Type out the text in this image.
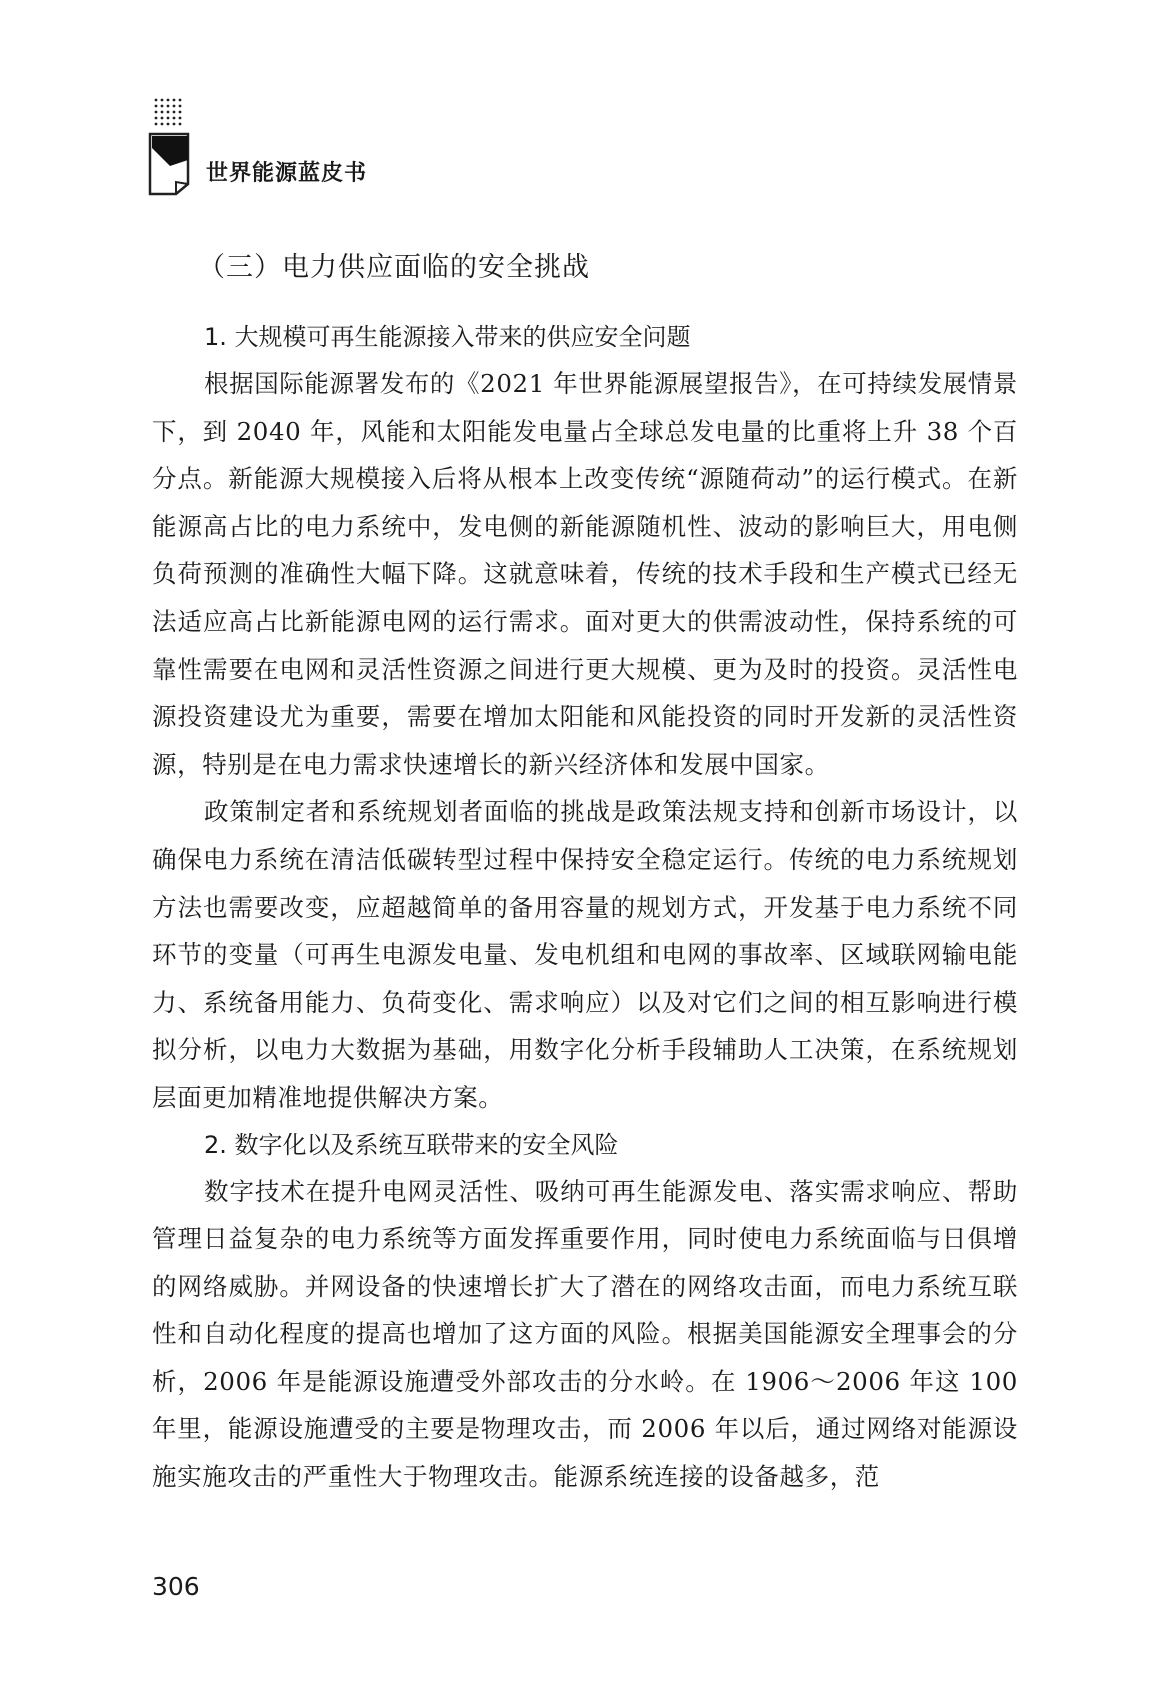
世界能源蓝皮书
（三）电力供应面临的安全挑战
1. 大规模可再生能源接入带来的供应安全问题

根据国际能源署发布的《2021 年世界能源展望报告》，在可持续发展情景下，到 2040 年，风能和太阳能发电量占全球总发电量的比重将上升 38 个百分点。新能源大规模接入后将从根本上改变传统“源随荷动”的运行模式。在新能源高占比的电力系统中，发电侧的新能源随机性、波动的影响巨大，用电侧负荷预测的准确性大幅下降。这就意味着，传统的技术手段和生产模式已经无法适应高占比新能源电网的运行需求。面对更大的供需波动性，保持系统的可靠性需要在电网和灵活性资源之间进行更大规模、更为及时的投资。灵活性电源投资建设尤为重要，需要在增加太阳能和风能投资的同时开发新的灵活性资源，特别是在电力需求快速增长的新兴经济体和发展中国家。

政策制定者和系统规划者面临的挑战是政策法规支持和创新市场设计，以确保电力系统在清洁低碳转型过程中保持安全稳定运行。传统的电力系统规划方法也需要改变，应超越简单的备用容量的规划方式，开发基于电力系统不同环节的变量（可再生电源发电量、发电机组和电网的事故率、区域联网输电能力、系统备用能力、负荷变化、需求响应）以及对它们之间的相互影响进行模拟分析，以电力大数据为基础，用数字化分析手段辅助人工决策，在系统规划层面更加精准地提供解决方案。

2. 数字化以及系统互联带来的安全风险

数字技术在提升电网灵活性、吸纳可再生能源发电、落实需求响应、帮助管理日益复杂的电力系统等方面发挥重要作用，同时使电力系统面临与日俱增的网络威胁。并网设备的快速增长扩大了潜在的网络攻击面，而电力系统互联性和自动化程度的提高也增加了这方面的风险。根据美国能源安全理事会的分析，2006 年是能源设施遭受外部攻击的分水岭。在 1906～2006 年这 100 年里，能源设施遭受的主要是物理攻击，而 2006 年以后，通过网络对能源设施实施攻击的严重性大于物理攻击。能源系统连接的设备越多，范

306
